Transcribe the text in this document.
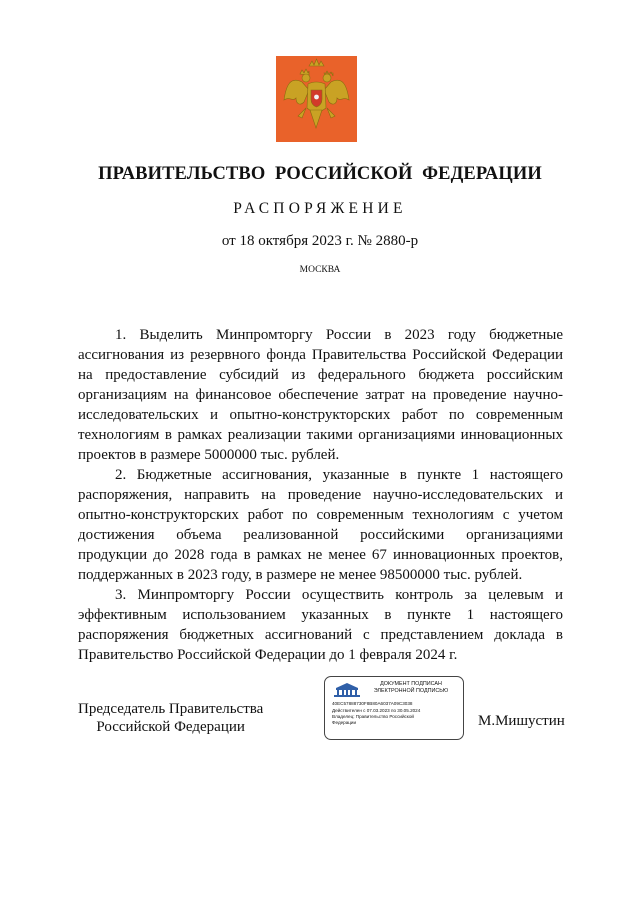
ПРАВИТЕЛЬСТВО РОССИЙСКОЙ ФЕДЕРАЦИИ
РАСПОРЯЖЕНИЕ
от 18 октября 2023 г. № 2880-р
МОСКВА

1. Выделить Минпромторгу России в 2023 году бюджетные ассигнования из резервного фонда Правительства Российской Федерации на предоставление субсидий из федерального бюджета российским организациям на финансовое обеспечение затрат на проведение научно-исследовательских и опытно-конструкторских работ по современным технологиям в рамках реализации такими организациями инновационных проектов в размере 5000000 тыс. рублей.

2. Бюджетные ассигнования, указанные в пункте 1 настоящего распоряжения, направить на проведение научно-исследовательских и опытно-конструкторских работ по современным технологиям с учетом достижения объема реализованной российскими организациями продукции до 2028 года в рамках не менее 67 инновационных проектов, поддержанных в 2023 году, в размере не менее 98500000 тыс. рублей.

3. Минпромторгу России осуществить контроль за целевым и эффективным использованием указанных в пункте 1 настоящего распоряжения бюджетных ассигнований с представлением доклада в Правительство Российской Федерации до 1 февраля 2024 г.

Председатель Правительства
Российской Федерации
ДОКУМЕНТ ПОДПИСАН
ЭЛЕКТРОННОЙ ПОДПИСЬЮ
40EC57888730F8B80A6037A09C3038
Действителен с 07.03.2023 по 30.05.2024
Владелец: Правительство Российской
Федерации	М.Мишустин
